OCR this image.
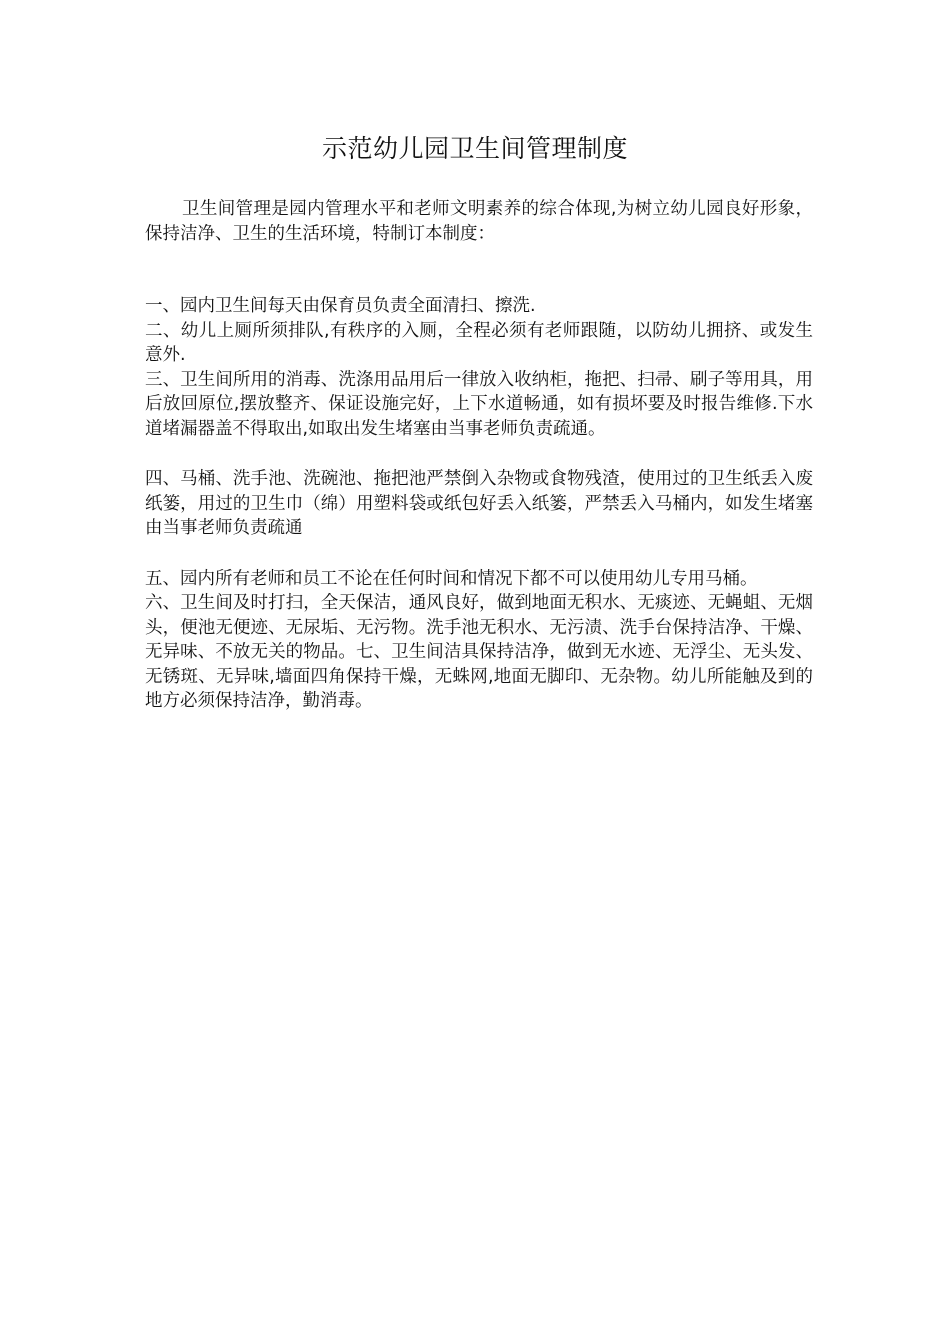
示范幼儿园卫生间管理制度
卫生间管理是园内管理水平和老师文明素养的综合体现,为树立幼儿园良好形象，保持洁净、卫生的生活环境，特制订本制度：

一、园内卫生间每天由保育员负责全面清扫、擦洗.

二、幼儿上厕所须排队,有秩序的入厕，全程必须有老师跟随，以防幼儿拥挤、或发生意外.

三、卫生间所用的消毒、洗涤用品用后一律放入收纳柜，拖把、扫帚、刷子等用具，用后放回原位,摆放整齐、保证设施完好，上下水道畅通，如有损坏要及时报告维修.下水道堵漏器盖不得取出,如取出发生堵塞由当事老师负责疏通。

四、马桶、洗手池、洗碗池、拖把池严禁倒入杂物或食物残渣，使用过的卫生纸丢入废纸篓，用过的卫生巾（绵）用塑料袋或纸包好丢入纸篓，严禁丢入马桶内，如发生堵塞由当事老师负责疏通

五、园内所有老师和员工不论在任何时间和情况下都不可以使用幼儿专用马桶。

六、卫生间及时打扫，全天保洁，通风良好，做到地面无积水、无痰迹、无蝇蛆、无烟头，便池无便迹、无尿垢、无污物。洗手池无积水、无污渍、洗手台保持洁净、干燥、无异味、不放无关的物品。七、卫生间洁具保持洁净，做到无水迹、无浮尘、无头发、无锈斑、无异味,墙面四角保持干燥，无蛛网,地面无脚印、无杂物。幼儿所能触及到的地方必须保持洁净，勤消毒。
